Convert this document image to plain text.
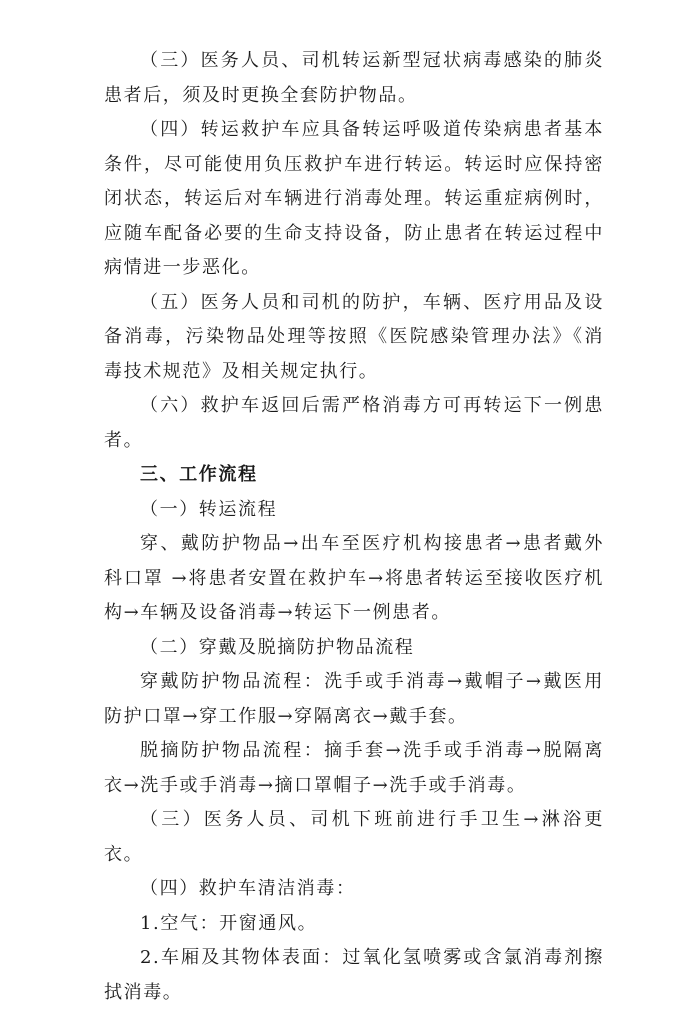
（三）医务人员、司机转运新型冠状病毒感染的肺炎患者后，须及时更换全套防护物品。

（四）转运救护车应具备转运呼吸道传染病患者基本条件，尽可能使用负压救护车进行转运。转运时应保持密闭状态，转运后对车辆进行消毒处理。转运重症病例时，应随车配备必要的生命支持设备，防止患者在转运过程中病情进一步恶化。

（五）医务人员和司机的防护，车辆、医疗用品及设备消毒，污染物品处理等按照《医院感染管理办法》《消毒技术规范》及相关规定执行。

（六）救护车返回后需严格消毒方可再转运下一例患者。

三、工作流程

（一）转运流程

穿、戴防护物品→出车至医疗机构接患者→患者戴外科口罩 →将患者安置在救护车→将患者转运至接收医疗机构→车辆及设备消毒→转运下一例患者。

（二）穿戴及脱摘防护物品流程

穿戴防护物品流程：洗手或手消毒→戴帽子→戴医用防护口罩→穿工作服→穿隔离衣→戴手套。

脱摘防护物品流程：摘手套→洗手或手消毒→脱隔离衣→洗手或手消毒→摘口罩帽子→洗手或手消毒。

（三）医务人员、司机下班前进行手卫生→淋浴更衣。

（四）救护车清洁消毒：

1.空气：开窗通风。

2.车厢及其物体表面：过氧化氢喷雾或含氯消毒剂擦拭消毒。
